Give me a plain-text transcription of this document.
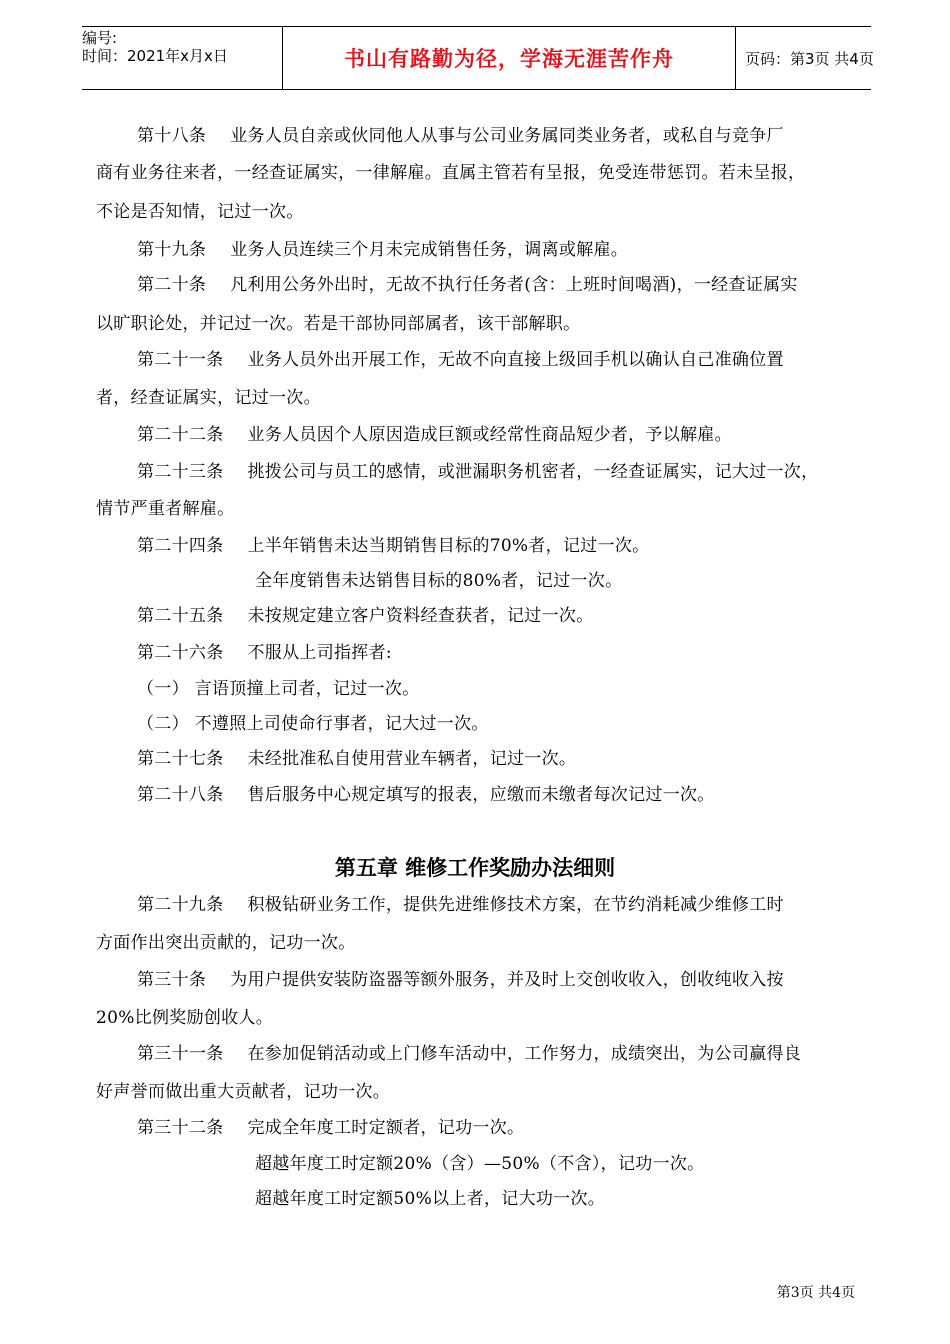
编号:
时间：2021年x月x日	书山有路勤为径，学海无涯苦作舟	页码：第3页 共4页
第十八条 业务人员自亲或伙同他人从事与公司业务属同类业务者，或私自与竞争厂
商有业务往来者，一经查证属实，一律解雇。直属主管若有呈报，免受连带惩罚。若未呈报，
不论是否知情，记过一次。
第十九条 业务人员连续三个月未完成销售任务，调离或解雇。
第二十条 凡利用公务外出时，无故不执行任务者(含：上班时间喝酒)，一经查证属实
以旷职论处，并记过一次。若是干部协同部属者，该干部解职。
第二十一条 业务人员外出开展工作，无故不向直接上级回手机以确认自己准确位置
者，经查证属实，记过一次。
第二十二条 业务人员因个人原因造成巨额或经常性商品短少者，予以解雇。
第二十三条 挑拨公司与员工的感情，或泄漏职务机密者，一经查证属实，记大过一次，
情节严重者解雇。
第二十四条 上半年销售未达当期销售目标的70%者，记过一次。
全年度销售未达销售目标的80%者，记过一次。
第二十五条 未按规定建立客户资料经查获者，记过一次。
第二十六条 不服从上司指挥者:
（一） 言语顶撞上司者，记过一次。
（二） 不遵照上司使命行事者，记大过一次。
第二十七条 未经批准私自使用营业车辆者，记过一次。
第二十八条 售后服务中心规定填写的报表，应缴而未缴者每次记过一次。
第五章 维修工作奖励办法细则
第二十九条 积极钻研业务工作，提供先进维修技术方案，在节约消耗减少维修工时
方面作出突出贡献的，记功一次。
第三十条 为用户提供安装防盗器等额外服务，并及时上交创收收入，创收纯收入按
20%比例奖励创收人。
第三十一条 在参加促销活动或上门修车活动中，工作努力，成绩突出，为公司赢得良
好声誉而做出重大贡献者，记功一次。
第三十二条 完成全年度工时定额者，记功一次。
超越年度工时定额20%（含）—50%（不含），记功一次。
超越年度工时定额50%以上者，记大功一次。
第3页 共4页
